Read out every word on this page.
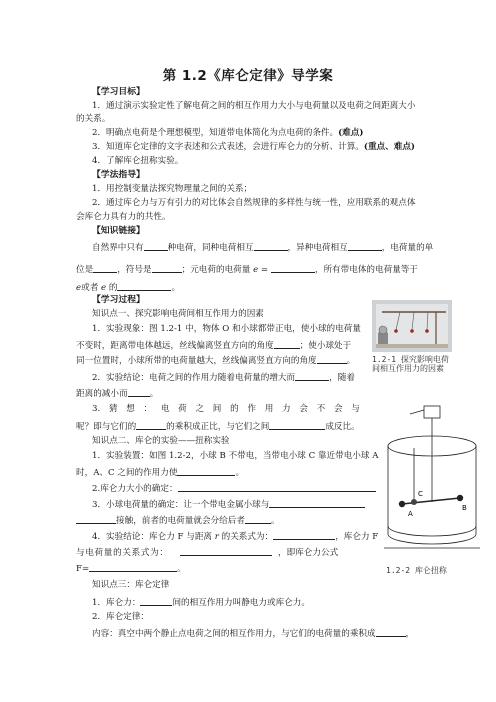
第 1.2《库仑定律》导学案
【学习目标】
1．通过演示实验定性了解电荷之间的相互作用力大小与电荷量以及电荷之间距离大小
的关系。
2．明确点电荷是个理想模型，知道带电体简化为点电荷的条件。(难点)
3．知道库仑定律的文字表述和公式表述，会进行库仑力的分析、计算。(重点、难点)
4．了解库仑扭称实验。
【学法指导】
1．用控制变量法探究物理量之间的关系；
2．通过库仑力与万有引力的对比体会自然规律的多样性与统一性，应用联系的观点体
会库仑力具有力的共性。
【知识链接】
自然界中只有	种电荷，同种电荷相互	，异种电荷相互	，电荷量的单
位是	，符号是	；元电荷的电荷量 e =	，所有带电体的电荷量等于
e或者 e 的	。
【学习过程】
知识点一、探究影响电荷间相互作用力的因素
1．实验现象：图 1.2-1 中，物体 O 和小球都带正电，使小球的电荷量
不变时，距离带电体越远，丝线偏离竖直方向的角度	；使小球处于
同一位置时，小球所带的电荷量越大，丝线偏离竖直方向的角度	。
2．实验结论：电荷之间的作用力随着电荷量的增大而	，随着
距离的减小而	。
3. 猜 想 ： 电 荷 之 间 的 作 用 力 会 不 会 与
呢？即与它们的	的乘积成正比，与它们之间	成反比。
知识点二、库仑的实验——扭称实验
1．实验装置：如图 1.2-2，小球 B 不带电，当带电小球 C 靠近带电小球 A
时，A、C 之间的作用力使	。
2.库仑力大小的确定：
3．小球电荷量的确定：让一个带电金属小球与
接触，前者的电荷量就会分给后者	。
4．实验结论：库仑力 F 与距离 r 的关系式为：	，库仑力 F
与 电 荷 量 的 关 系 式 为 ：	，即库仑力公式
F=	。
知识点三：库仑定律
1．库仑力：	间的相互作用力叫静电力或库仑力。
2．库仑定律：
内容：真空中两个静止点电荷之间的相互作用力，与它们的电荷量的乘积成	，
1.2-1 探究影响电荷
间相互作用力的因素
A
B
C
1.2-2 库仑扭称
